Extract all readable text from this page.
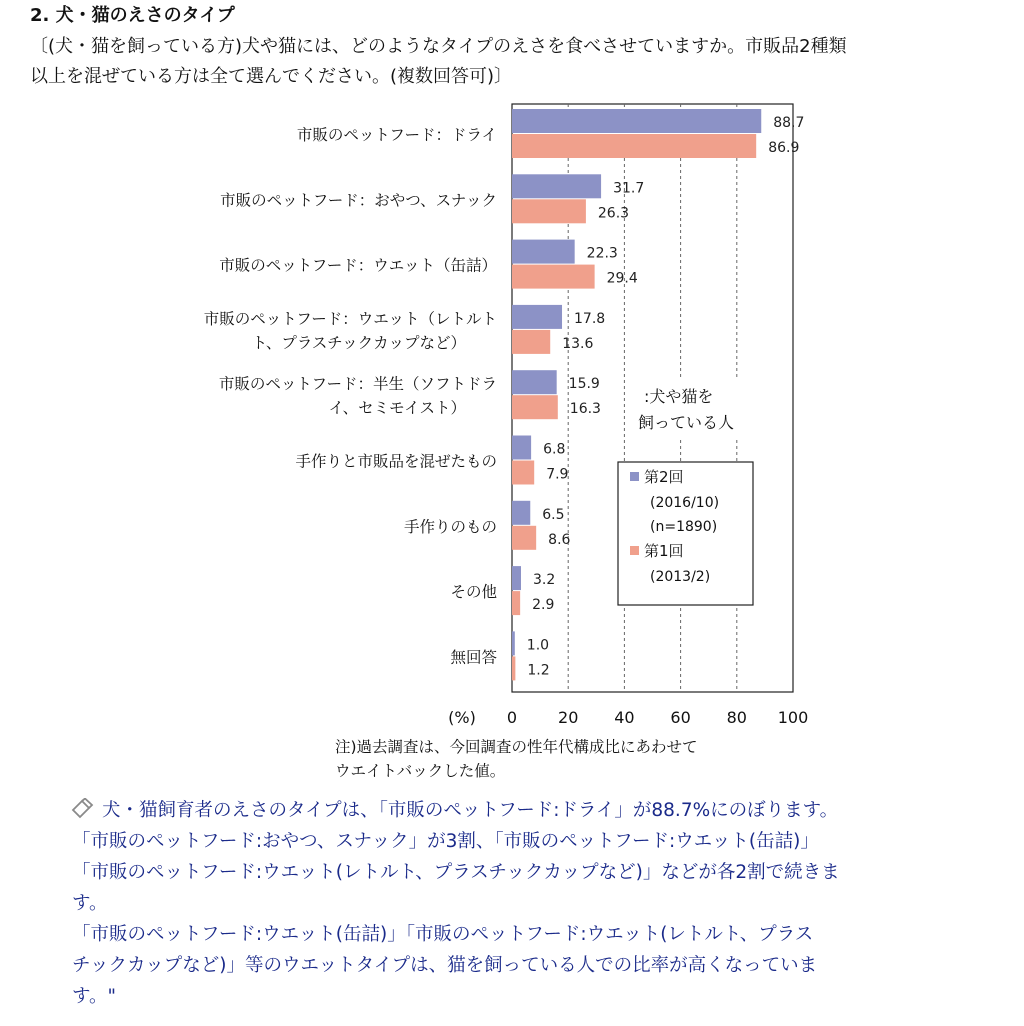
2. 犬・猫のえさのタイプ
〔(犬・猫を飼っている方)犬や猫には、どのようなタイプのえさを食べさせていますか。市販品2種類
以上を混ぜている方は全て選んでください。(複数回答可)〕
0	20 40 60 80 100
(%)
88.7
86.9
市販のペットフード：ドライ
31.7
26.3
市販のペットフード：おやつ、スナック
22.3
29.4
市販のペットフード：ウエット（缶詰）
17.8
13.6
市販のペットフード：ウエット（レトルト
ト、プラスチックカップなど）
15.9
16.3
市販のペットフード：半生（ソフトドラ
イ、セミモイスト）
6.8
7.9
手作りと市販品を混ぜたもの
6.5
8.6
手作りのもの
3.2
2.9
その他
1.0
1.2
無回答
:犬や猫を
飼っている人
第2回
(2016/10)
(n=1890)
第1回
(2013/2)
注)過去調査は、今回調査の性年代構成比にあわせて
ウエイトバックした値。
犬・猫飼育者のえさのタイプは、「市販のペットフード:ドライ」が88.7%にのぼります。
「市販のペットフード:おやつ、スナック」が3割、「市販のペットフード:ウエット(缶詰)」
「市販のペットフード:ウエット(レトルト、プラスチックカップなど)」などが各2割で続きま
す。
「市販のペットフード:ウエット(缶詰)」「市販のペットフード:ウエット(レトルト、プラス
チックカップなど)」等のウエットタイプは、猫を飼っている人での比率が高くなっていま
す。"
